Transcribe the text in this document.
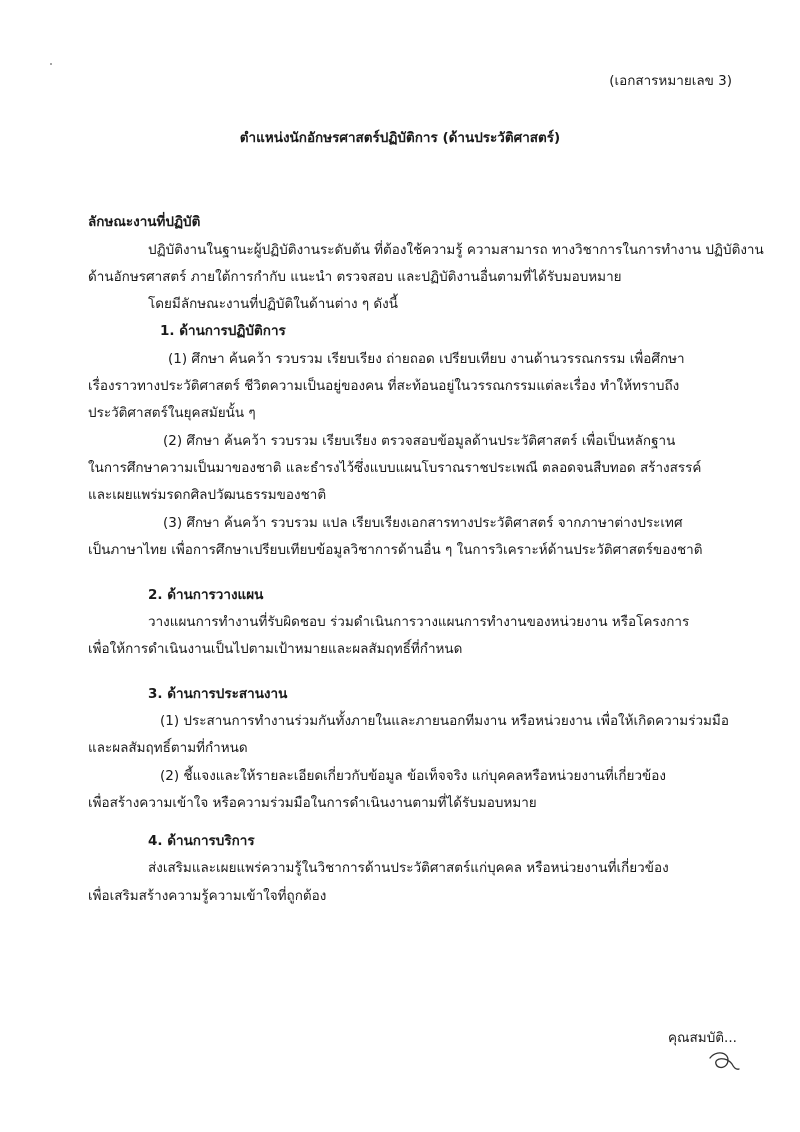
(เอกสารหมายเลข 3)
ตำแหน่งนักอักษรศาสตร์ปฏิบัติการ (ด้านประวัติศาสตร์)
ลักษณะงานที่ปฏิบัติ
ปฏิบัติงานในฐานะผู้ปฏิบัติงานระดับต้น ที่ต้องใช้ความรู้ ความสามารถ ทางวิชาการในการทำงาน ปฏิบัติงาน
ด้านอักษรศาสตร์ ภายใต้การกำกับ แนะนำ ตรวจสอบ และปฏิบัติงานอื่นตามที่ได้รับมอบหมาย
โดยมีลักษณะงานที่ปฏิบัติในด้านต่าง ๆ ดังนี้
1. ด้านการปฏิบัติการ
(1) ศึกษา ค้นคว้า รวบรวม เรียบเรียง ถ่ายถอด เปรียบเทียบ งานด้านวรรณกรรม เพื่อศึกษา
เรื่องราวทางประวัติศาสตร์ ชีวิตความเป็นอยู่ของคน ที่สะท้อนอยู่ในวรรณกรรมแต่ละเรื่อง ทำให้ทราบถึง
ประวัติศาสตร์ในยุคสมัยนั้น ๆ
(2) ศึกษา ค้นคว้า รวบรวม เรียบเรียง ตรวจสอบข้อมูลด้านประวัติศาสตร์ เพื่อเป็นหลักฐาน
ในการศึกษาความเป็นมาของชาติ และธำรงไว้ซึ่งแบบแผนโบราณราชประเพณี ตลอดจนสืบทอด สร้างสรรค์
และเผยแพร่มรดกศิลปวัฒนธรรมของชาติ
(3) ศึกษา ค้นคว้า รวบรวม แปล เรียบเรียงเอกสารทางประวัติศาสตร์ จากภาษาต่างประเทศ
เป็นภาษาไทย เพื่อการศึกษาเปรียบเทียบข้อมูลวิชาการด้านอื่น ๆ ในการวิเคราะห์ด้านประวัติศาสตร์ของชาติ
2. ด้านการวางแผน
วางแผนการทำงานที่รับผิดชอบ ร่วมดำเนินการวางแผนการทำงานของหน่วยงาน หรือโครงการ
เพื่อให้การดำเนินงานเป็นไปตามเป้าหมายและผลสัมฤทธิ์ที่กำหนด
3. ด้านการประสานงาน
(1) ประสานการทำงานร่วมกันทั้งภายในและภายนอกทีมงาน หรือหน่วยงาน เพื่อให้เกิดความร่วมมือ
และผลสัมฤทธิ์ตามที่กำหนด
(2) ชี้แจงและให้รายละเอียดเกี่ยวกับข้อมูล ข้อเท็จจริง แก่บุคคลหรือหน่วยงานที่เกี่ยวข้อง
เพื่อสร้างความเข้าใจ หรือความร่วมมือในการดำเนินงานตามที่ได้รับมอบหมาย
4. ด้านการบริการ
ส่งเสริมและเผยแพร่ความรู้ในวิชาการด้านประวัติศาสตร์แก่บุคคล หรือหน่วยงานที่เกี่ยวข้อง
เพื่อเสริมสร้างความรู้ความเข้าใจที่ถูกต้อง
คุณสมบัติ...
